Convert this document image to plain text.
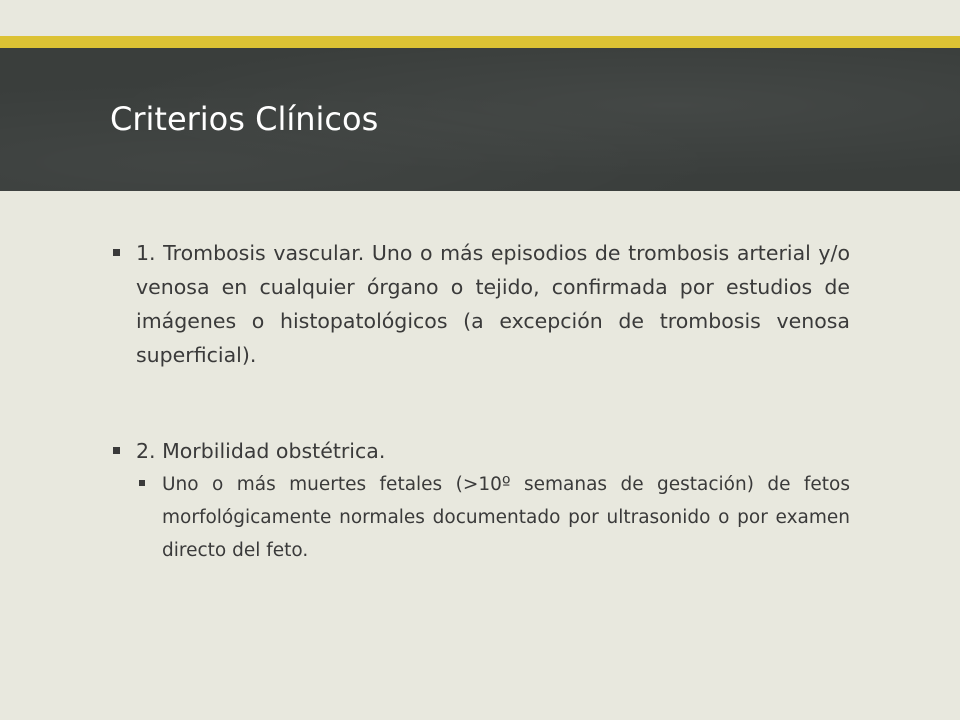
Criterios Clínicos
1. Trombosis vascular. Uno o más episodios de trombosis arterial y/o venosa en cualquier órgano o tejido, confirmada por estudios de imágenes o histopatológicos (a excepción de trombosis venosa superficial).
2. Morbilidad obstétrica.
Uno o más muertes fetales (>10º semanas de gestación) de fetos morfológicamente normales documentado por ultrasonido o por examen directo del feto.
